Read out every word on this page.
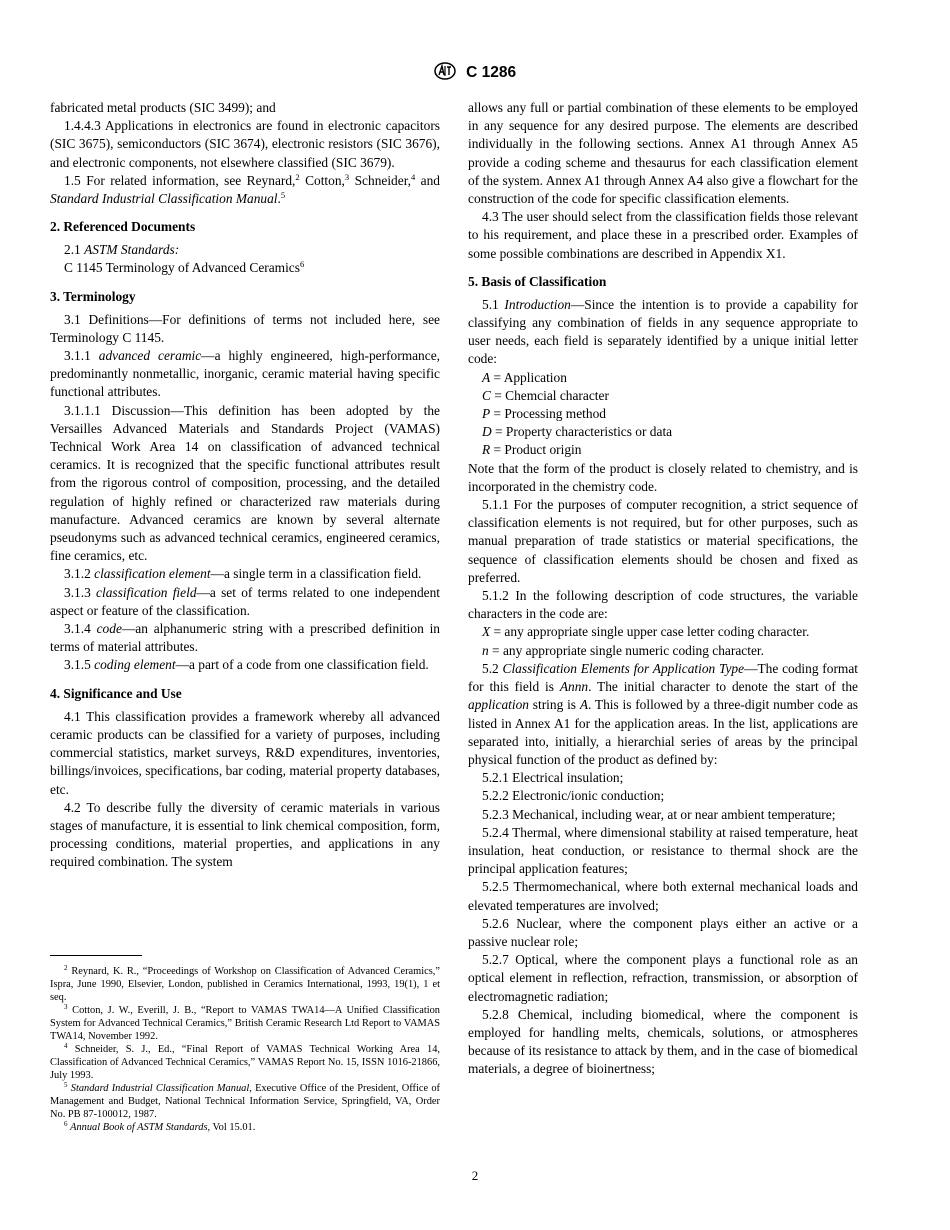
C 1286

fabricated metal products (SIC 3499); and

1.4.4.3 Applications in electronics are found in electronic capacitors (SIC 3675), semiconductors (SIC 3674), electronic resistors (SIC 3676), and electronic components, not elsewhere classified (SIC 3679).

1.5 For related information, see Reynard,$^2$ Cotton,$^3$ Schneider,$^4$ and Standard Industrial Classification Manual.$^5$

2. Referenced Documents

2.1 ASTM Standards:

C 1145 Terminology of Advanced Ceramics$^6$

3. Terminology

3.1 Definitions—For definitions of terms not included here, see Terminology C 1145.

3.1.1 advanced ceramic—a highly engineered, high-performance, predominantly nonmetallic, inorganic, ceramic material having specific functional attributes.

3.1.1.1 Discussion—This definition has been adopted by the Versailles Advanced Materials and Standards Project (VAMAS) Technical Work Area 14 on classification of advanced technical ceramics. It is recognized that the specific functional attributes result from the rigorous control of composition, processing, and the detailed regulation of highly refined or characterized raw materials during manufacture. Advanced ceramics are known by several alternate pseudonyms such as advanced technical ceramics, engineered ceramics, fine ceramics, etc.

3.1.2 classification element—a single term in a classification field.

3.1.3 classification field—a set of terms related to one independent aspect or feature of the classification.

3.1.4 code—an alphanumeric string with a prescribed definition in terms of material attributes.

3.1.5 coding element—a part of a code from one classification field.

4. Significance and Use

4.1 This classification provides a framework whereby all advanced ceramic products can be classified for a variety of purposes, including commercial statistics, market surveys, R&D expenditures, inventories, billings/invoices, specifications, bar coding, material property databases, etc.

4.2 To describe fully the diversity of ceramic materials in various stages of manufacture, it is essential to link chemical composition, form, processing conditions, material properties, and applications in any required combination. The system

$^2$ Reynard, K. R., “Proceedings of Workshop on Classification of Advanced Ceramics,” Ispra, June 1990, Elsevier, London, published in Ceramics International, 1993, 19(1), 1 et seq.

$^3$ Cotton, J. W., Everill, J. B., “Report to VAMAS TWA14—A Unified Classification System for Advanced Technical Ceramics,” British Ceramic Research Ltd Report to VAMAS TWA14, November 1992.

$^4$ Schneider, S. J., Ed., “Final Report of VAMAS Technical Working Area 14, Classification of Advanced Technical Ceramics,” VAMAS Report No. 15, ISSN 1016-21866, July 1993.

$^5$ Standard Industrial Classification Manual, Executive Office of the President, Office of Management and Budget, National Technical Information Service, Springfield, VA, Order No. PB 87-100012, 1987.

$^6$ Annual Book of ASTM Standards, Vol 15.01.

allows any full or partial combination of these elements to be employed in any sequence for any desired purpose. The elements are described individually in the following sections. Annex A1 through Annex A5 provide a coding scheme and thesaurus for each classification element of the system. Annex A1 through Annex A4 also give a flowchart for the construction of the code for specific classification elements.

4.3 The user should select from the classification fields those relevant to his requirement, and place these in a prescribed order. Examples of some possible combinations are described in Appendix X1.

5. Basis of Classification

5.1 Introduction—Since the intention is to provide a capability for classifying any combination of fields in any sequence appropriate to user needs, each field is separately identified by a unique initial letter code:

A = Application

C = Chemcial character

P = Processing method

D = Property characteristics or data

R = Product origin

Note that the form of the product is closely related to chemistry, and is incorporated in the chemistry code.

5.1.1 For the purposes of computer recognition, a strict sequence of classification elements is not required, but for other purposes, such as manual preparation of trade statistics or material specifications, the sequence of classification elements should be chosen and fixed as preferred.

5.1.2 In the following description of code structures, the variable characters in the code are:

X = any appropriate single upper case letter coding character.

n = any appropriate single numeric coding character.

5.2 Classification Elements for Application Type—The coding format for this field is Annn. The initial character to denote the start of the application string is A. This is followed by a three-digit number code as listed in Annex A1 for the application areas. In the list, applications are separated into, initially, a hierarchial series of areas by the principal physical function of the product as defined by:

5.2.1 Electrical insulation;

5.2.2 Electronic/ionic conduction;

5.2.3 Mechanical, including wear, at or near ambient temperature;

5.2.4 Thermal, where dimensional stability at raised temperature, heat insulation, heat conduction, or resistance to thermal shock are the principal application features;

5.2.5 Thermomechanical, where both external mechanical loads and elevated temperatures are involved;

5.2.6 Nuclear, where the component plays either an active or a passive nuclear role;

5.2.7 Optical, where the component plays a functional role as an optical element in reflection, refraction, transmission, or absorption of electromagnetic radiation;

5.2.8 Chemical, including biomedical, where the component is employed for handling melts, chemicals, solutions, or atmospheres because of its resistance to attack by them, and in the case of biomedical materials, a degree of bioinertness;

2
